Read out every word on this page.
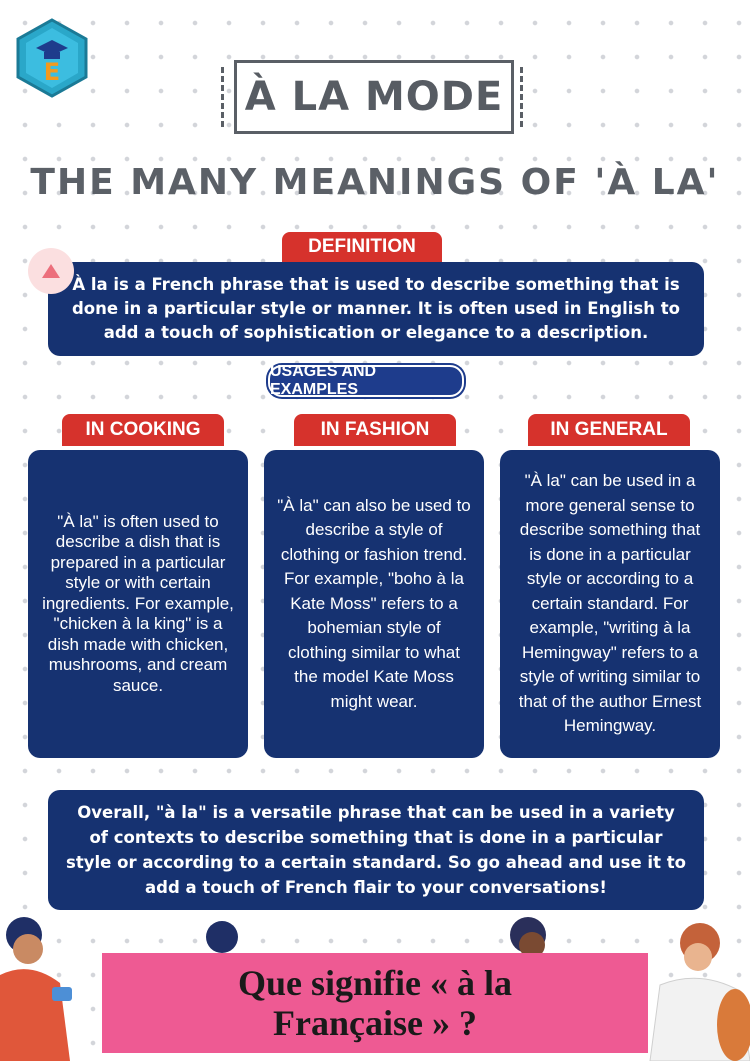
E
À LA MODE
THE MANY MEANINGS OF 'À LA'
DEFINITION
À la is a French phrase that is used to describe something that is done in a particular style or manner. It is often used in English to add a touch of sophistication or elegance to a description.
USAGES AND EXAMPLES
IN COOKING	IN FASHION	IN GENERAL
"À la" is often used to describe a dish that is prepared in a particular style or with certain ingredients. For example, "chicken à la king" is a dish made with chicken, mushrooms, and cream sauce.
"À la" can also be used to describe a style of clothing or fashion trend. For example, "boho à la Kate Moss" refers to a bohemian style of clothing similar to what the model Kate Moss might wear.
"À la" can be used in a more general sense to describe something that is done in a particular style or according to a certain standard. For example, "writing à la Hemingway" refers to a style of writing similar to that of the author Ernest Hemingway.
Overall, "à la" is a versatile phrase that can be used in a variety of contexts to describe something that is done in a particular style or according to a certain standard. So go ahead and use it to add a touch of French flair to your conversations!
Que signifie « à la Française » ?
